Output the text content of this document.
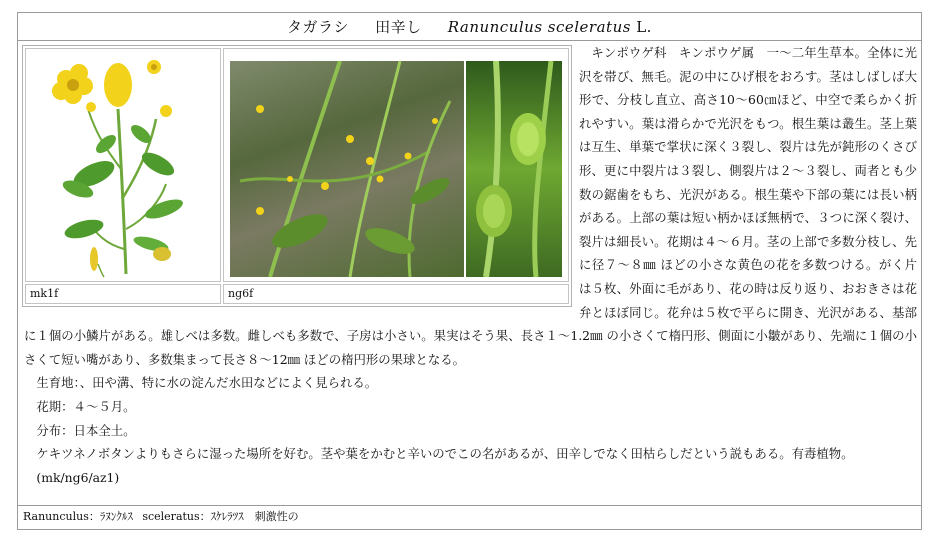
タガラシ 　 田辛し 　 Ranunculus sceleratus L.
mk1f	ng6f

キンポウゲ科　キンポウゲ属　一～二年生草本。全体に光沢を帯び、無毛。泥の中にひげ根をおろす。茎はしばしば大形で、分枝し直立、高さ10～60㎝ほど、中空で柔らかく折れやすい。葉は滑らかで光沢をもつ。根生葉は叢生。茎上葉は互生、単葉で掌状に深く３裂し、裂片は先が鈍形のくさび形、更に中裂片は３裂し、側裂片は２～３裂し、両者とも少数の鋸歯をもち、光沢がある。根生葉や下部の葉には長い柄がある。上部の葉は短い柄かほぼ無柄で、３つに深く裂け、裂片は細長い。花期は４～６月。茎の上部で多数分枝し、先に径７～８㎜ ほどの小さな黄色の花を多数つける。がく片は５枚、外面に毛があり、花の時は反り返り、おおきさは花弁とほぼ同じ。花弁は５枚で平らに開き、光沢がある、基部に１個の小鱗片がある。雄しべは多数。雌しべも多数で、子房は小さい。果実はそう果、長さ１～1.2㎜ の小さくて楕円形、側面に小皺があり、先端に１個の小さくて短い嘴があり、多数集まって長さ８～12㎜ ほどの楕円形の果球となる。

生育地：、田や溝、特に水の淀んだ水田などによく見られる。

花期：４～５月。

分布：日本全土。

ケキツネノボタンよりもさらに湿った場所を好む。茎や葉をかむと辛いのでこの名があるが、田辛しでなく田枯らしだという説もある。有毒植物。

(mk/ng6/az1)

Ranunculus：ﾗﾇﾝｸﾙｽ sceleratus：ｽｹﾚﾗﾂｽ　刺激性の
